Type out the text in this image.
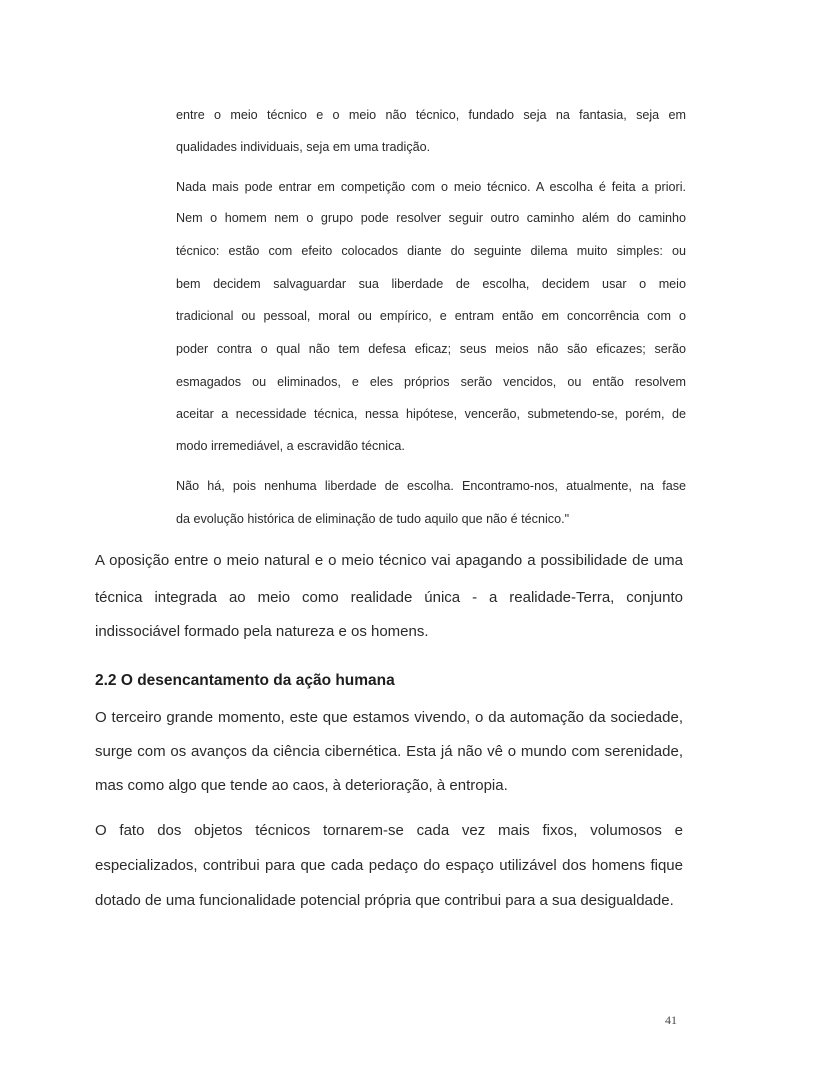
entre o meio técnico e o meio não técnico, fundado seja na fantasia, seja em

qualidades individuais, seja em uma tradição.

Nada mais pode entrar em competição com o meio técnico. A escolha é feita a priori.

Nem o homem nem o grupo pode resolver seguir outro caminho além do caminho

técnico: estão com efeito colocados diante do seguinte dilema muito simples: ou

bem decidem salvaguardar sua liberdade de escolha, decidem usar o meio

tradicional ou pessoal, moral ou empírico, e entram então em concorrência com o

poder contra o qual não tem defesa eficaz; seus meios não são eficazes; serão

esmagados ou eliminados, e eles próprios serão vencidos, ou então resolvem

aceitar a necessidade técnica, nessa hipótese, vencerão, submetendo-se, porém, de

modo irremediável, a escravidão técnica.

Não há, pois nenhuma liberdade de escolha. Encontramo-nos, atualmente, na fase

da evolução histórica de eliminação de tudo aquilo que não é técnico."

A oposição entre o meio natural e o meio técnico vai apagando a possibilidade de uma

técnica integrada ao meio como realidade única - a realidade-Terra, conjunto

indissociável formado pela natureza e os homens.

2.2 O desencantamento da ação humana

O terceiro grande momento, este que estamos vivendo, o da automação da sociedade,

surge com os avanços da ciência cibernética. Esta já não vê o mundo com serenidade,

mas como algo que tende ao caos, à deterioração, à entropia.

O fato dos objetos técnicos tornarem-se cada vez mais fixos, volumosos e

especializados, contribui para que cada pedaço do espaço utilizável dos homens fique

dotado de uma funcionalidade potencial própria que contribui para a sua desigualdade.

41
